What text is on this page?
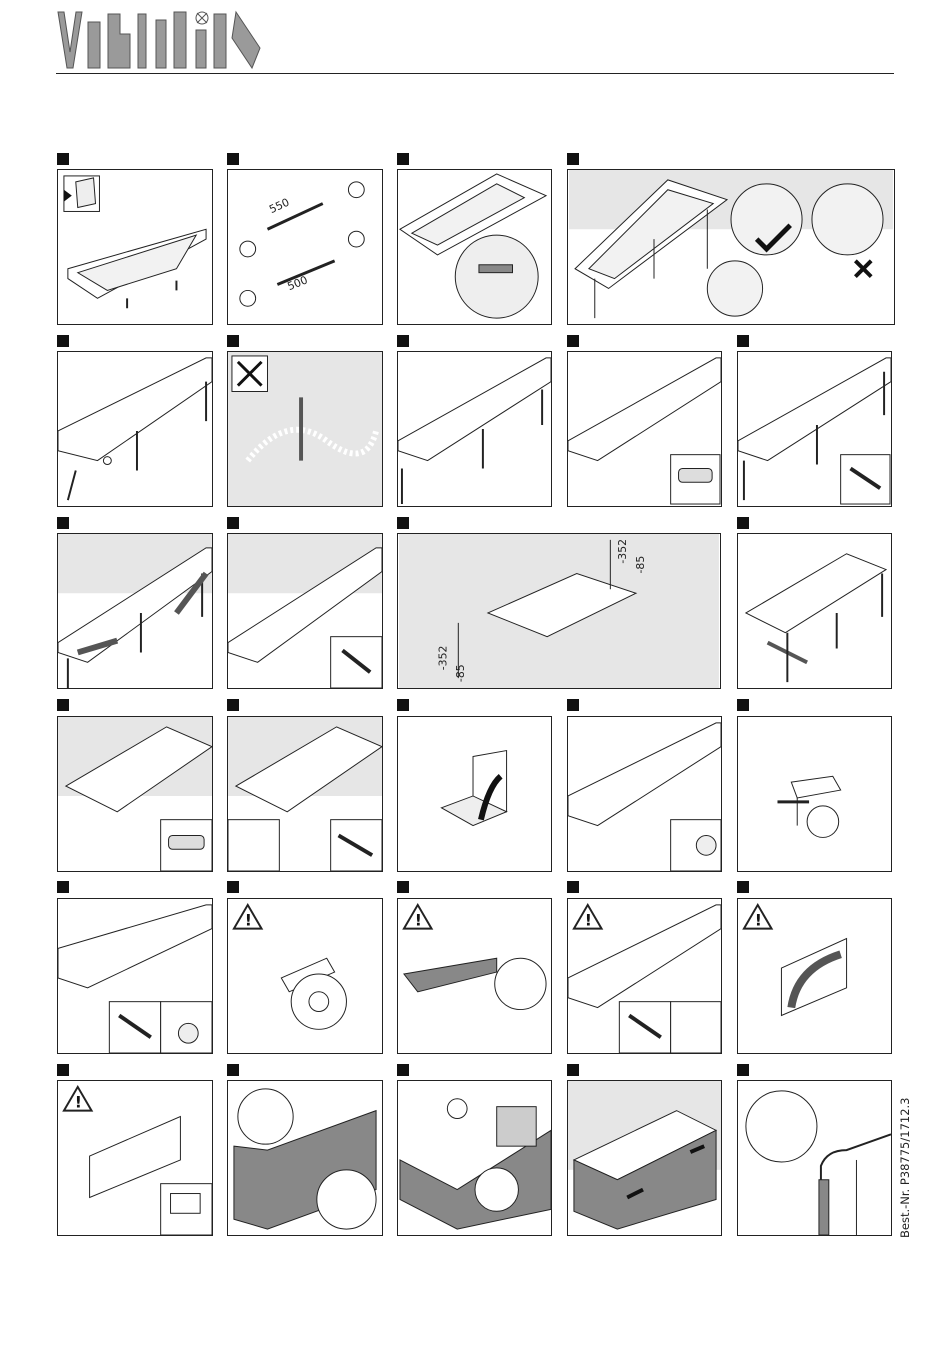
550
500
-352
-85
-352
-85
!	!	!	!
!	Best.-Nr. P38775/1712.3
